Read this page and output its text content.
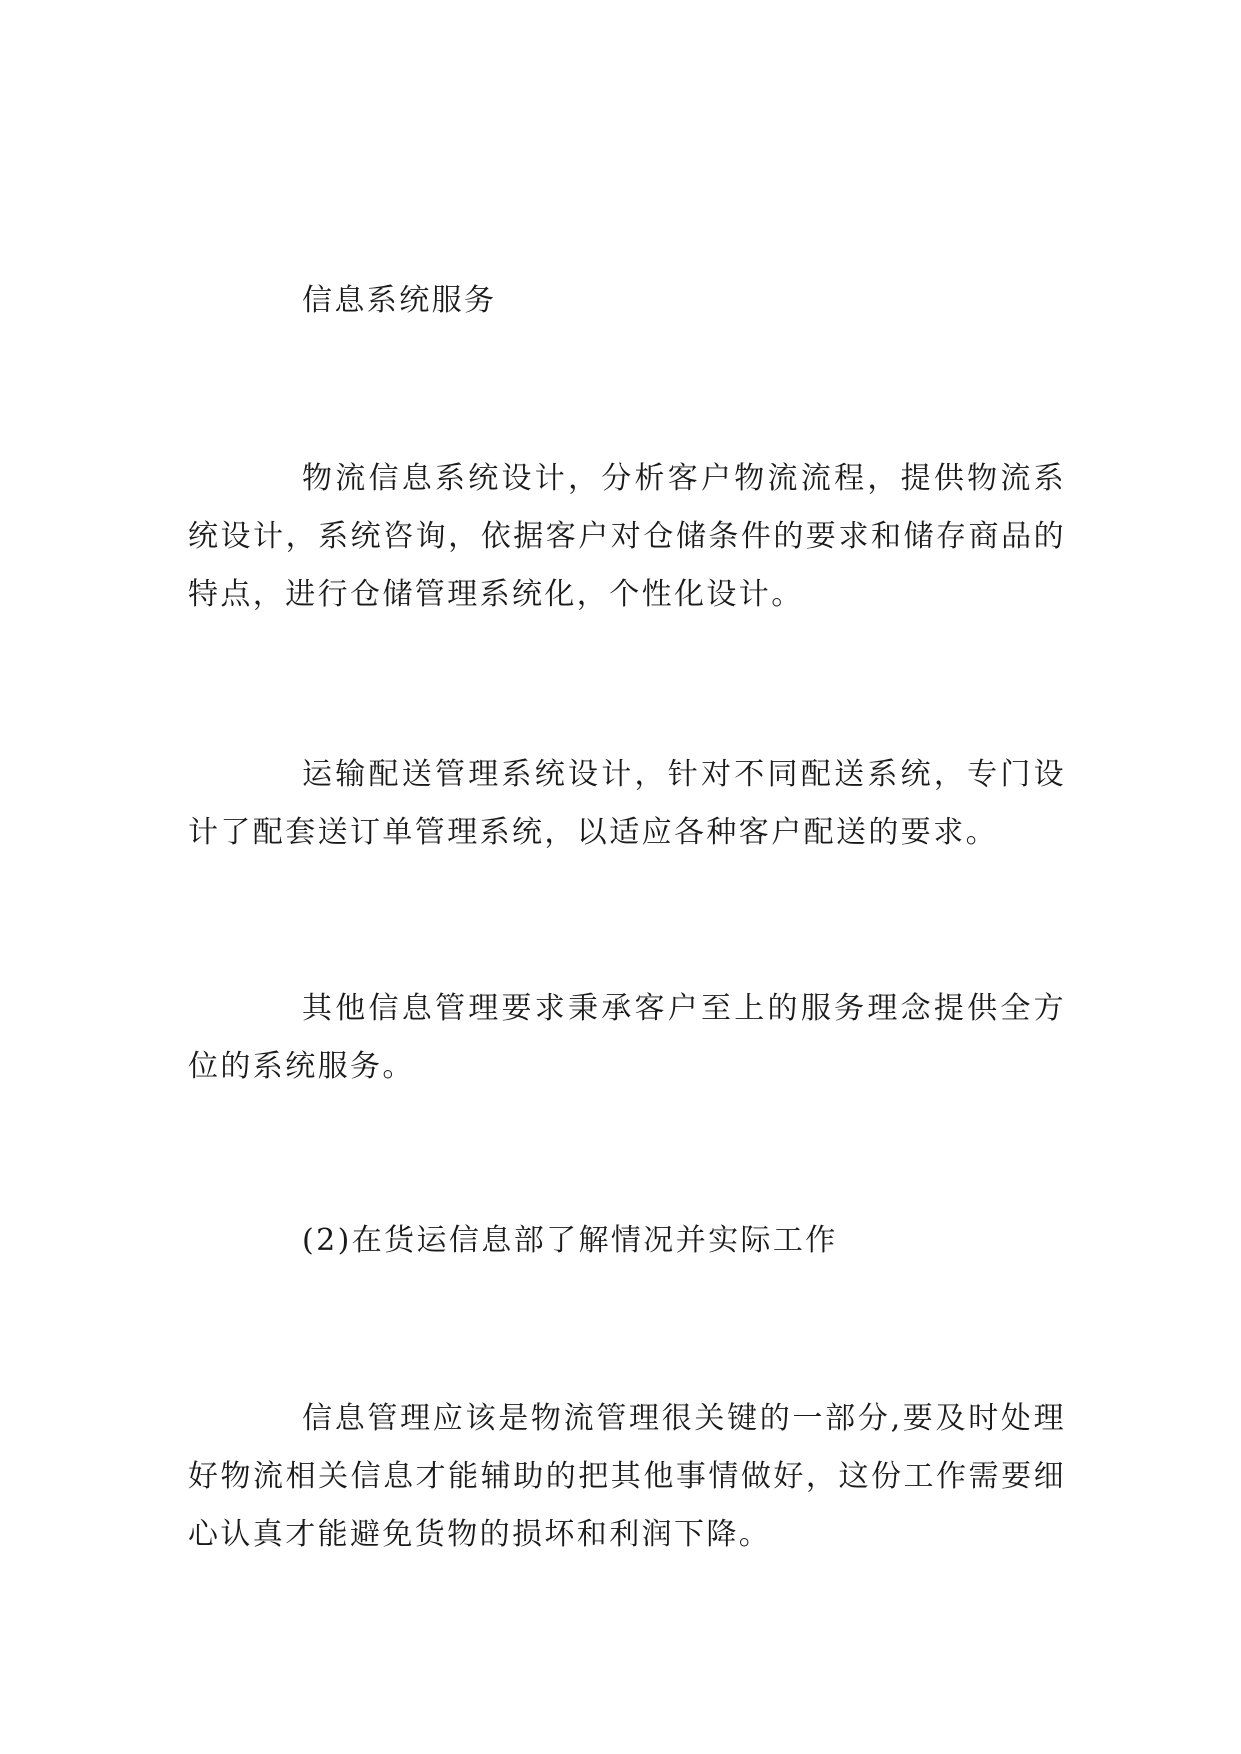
信息系统服务

物流信息系统设计，分析客户物流流程，提供物流系统设计，系统咨询，依据客户对仓储条件的要求和储存商品的特点，进行仓储管理系统化，个性化设计。

运输配送管理系统设计，针对不同配送系统，专门设计了配套送订单管理系统，以适应各种客户配送的要求。

其他信息管理要求秉承客户至上的服务理念提供全方位的系统服务。

(2)在货运信息部了解情况并实际工作

信息管理应该是物流管理很关键的一部分,要及时处理好物流相关信息才能辅助的把其他事情做好，这份工作需要细心认真才能避免货物的损坏和利润下降。
